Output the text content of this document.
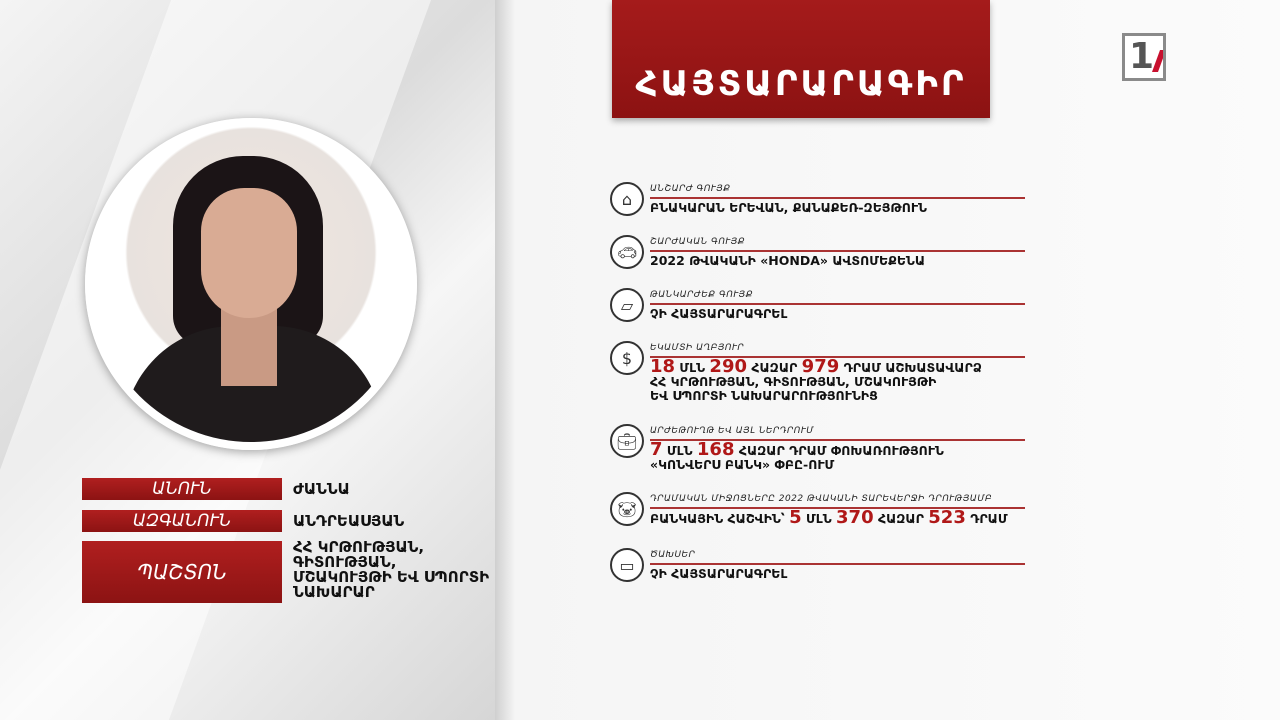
ՀԱՅՏԱՐԱՐԱԳԻՐ
1
ԱՆՈՒՆ	ԺԱՆՆԱ
ԱԶԳԱՆՈՒՆ	ԱՆԴՐԵԱՍՅԱՆ
ՊԱՇՏՈՆ
ՀՀ ԿՐԹՈՒԹՅԱՆ, ԳԻՏՈՒԹՅԱՆ, ՄՇԱԿՈՒՅԹԻ ԵՎ ՍՊՈՐՏԻ ՆԱԽԱՐԱՐ
⌂
ԱՆՇԱՐԺ ԳՈՒՅՔ
ԲՆԱԿԱՐԱՆ ԵՐԵՎԱՆ, ՔԱՆԱՔԵՌ-ԶԵՅԹՈՒՆ
🚗︎
ՇԱՐԺԱԿԱՆ ԳՈՒՅՔ
2022 ԹՎԱԿԱՆԻ «HONDA» ԱՎՏՈՄԵՔԵՆԱ
▱
ԹԱՆԿԱՐԺԵՔ ԳՈՒՅՔ
ՉԻ ՀԱՅՏԱՐԱՐԱԳՐԵԼ
$
ԵԿԱՄՏԻ ԱՂԲՅՈՒՐ
18 ՄԼՆ 290 ՀԱԶԱՐ 979 ԴՐԱՄ ԱՇԽԱՏԱՎԱՐՁ
ՀՀ ԿՐԹՈՒԹՅԱՆ, ԳԻՏՈՒԹՅԱՆ, ՄՇԱԿՈՒՅԹԻ
ԵՎ ՍՊՈՐՏԻ ՆԱԽԱՐԱՐՈՒԹՅՈՒՆԻՑ
💼︎
ԱՐԺԵԹՈՒՂԹ ԵՎ ԱՅԼ ՆԵՐԴՐՈՒՄ
7 ՄԼՆ 168 ՀԱԶԱՐ ԴՐԱՄ ՓՈԽԱՌՈՒԹՅՈՒՆ
«ԿՈՆՎԵՐՍ ԲԱՆԿ» ՓԲԸ-ՈՒՄ
🐷︎
ԴՐԱՄԱԿԱՆ ՄԻՋՈՑՆԵՐԸ 2022 ԹՎԱԿԱՆԻ ՏԱՐԵՎԵՐՋԻ ԴՐՈՒԹՅԱՄԲ
ԲԱՆԿԱՅԻՆ ՀԱՇՎԻՆ՝ 5 ՄԼՆ 370 ՀԱԶԱՐ 523 ԴՐԱՄ
▭
ԾԱԽՍԵՐ
ՉԻ ՀԱՅՏԱՐԱՐԱԳՐԵԼ
